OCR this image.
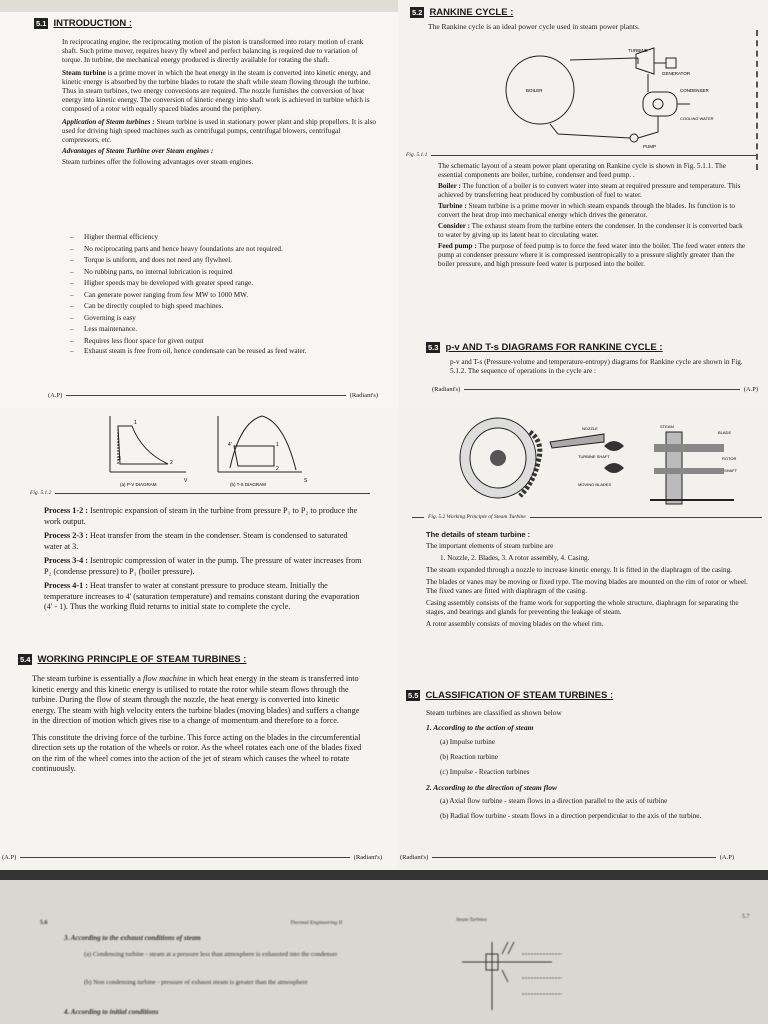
5.1 INTRODUCTION :

In reciprocating engine, the reciprocating motion of the piston is transformed into rotary motion of crank shaft. Such prime mover, requires heavy fly wheel and perfect balancing is required due to variation of torque. In turbine, the mechanical energy produced is directly available for rotating the shaft.

Steam turbine is a prime mover in which the heat energy in the steam is converted into kinetic energy, and kinetic energy is absorbed by the turbine blades to rotate the shaft while steam flowing through the turbine. Thus in steam turbines, two energy conversions are required. The nozzle furnishes the conversion of heat energy into kinetic energy. The conversion of kinetic energy into shaft work is achieved in turbine which is composed of a rotor with equally spaced blades around the periphery.

Application of Steam turbines : Steam turbine is used in stationary power plant and ship propellers. It is also used for driving high speed machines such as centrifugal pumps, centrifugal blowers, centrifugal compressors, etc.

Advantages of Steam Turbine over Steam engines :

Steam turbines offer the following advantages over steam engines.

– Higher thermal efficiency
– No reciprocating parts and hence heavy foundations are not required.
– Torque is uniform, and does not need any flywheel.
– No rubbing parts, no internal lubrication is required
– Higher speeds may be developed with greater speed range.
– Can generate power ranging from few MW to 1000 MW.
– Can be directly coupled to high speed machines.
– Governing is easy
– Less maintenance.
– Requires less floor space for given output
– Exhaust steam is free from oil, hence condensate can be reused as feed water.
(A.P)	(Radiant's)
5.2 RANKINE CYCLE :

The Rankine cycle is an ideal power cycle used in steam power plants.

TURBINE
GENERATOR
BOILER	CONDENSER
COOLING WATER
PUMP
Fig. 5.1.1

The schematic layout of a steam power plant operating on Rankine cycle is shown in Fig. 5.1.1. The essential components are boiler, turbine, condenser and feed pump. .

Boiler : The function of a boiler is to convert water into steam at required pressure and temperature. This achieved by transferring heat produced by combustion of fuel to water.

Turbine : Steam turbine is a prime mover in which steam expands through the blades. Its function is to convert the heat drop into mechanical energy which drives the generator.

Consider : The exhaust steam from the turbine enters the condenser. In the condenser it is converted back to water by giving up its latent heat to circulating water.

Feed pump : The purpose of feed pump is to force the feed water into the boiler. The feed water enters the pump at condenser pressure where it is compressed isentropically to a pressure slightly greater than the boiler pressure, and high pressure feed water is purposed into the boiler.

5.3 p-v AND T-s DIAGRAMS FOR RANKINE CYCLE :

p-v and T-s (Pressure-volume and temperature-entropy) diagrams for Rankine cycle are shown in Fig. 5.1.2. The sequence of operations in the cycle are :

(Radiant's)	(A.P)
3
1
2
V
(a) P-V DIAGRAM
4'	1
2
S
(b) T-S DIAGRAM
Fig. 5.1.2

Process 1-2 : Isentropic expansion of steam in the turbine from pressure P₁ to P₂ to produce the work output.

Process 2-3 : Heat transfer from the steam in the condenser. Steam is condensed to saturated water at 3.

Process 3-4 : Isentropic compression of water in the pump. The pressure of water increases from P₂ (condense pressure) to P₁ (boiler pressure).

Process 4-1 : Heat transfer to water at constant pressure to produce steam. Initially the temperature increases to 4' (saturation temperature) and remains constant during the evaporation (4' - 1). Thus the working fluid returns to initial state to complete the cycle.

5.4 WORKING PRINCIPLE OF STEAM TURBINES :

The steam turbine is essentially a flow machine in which heat energy in the steam is transferred into kinetic energy and this kinetic energy is utilised to rotate the rotor while steam flows through the turbine. During the flow of steam through the nozzle, the heat energy is converted into kinetic energy. The steam with high velocity enters the turbine blades (moving blades) and suffers a change in the direction of motion which gives rise to a change of momentum and therefore to a force.

This constitute the driving force of the turbine. This force acting on the blades in the circumferential direction sets up the rotation of the wheels or rotor. As the wheel rotates each one of the blades fixed on the rim of the wheel comes into the action of the jet of steam which causes the wheel to rotate continuously.

(A.P)	(Radiant's)
NOZZLE
TURBINE SHAFT
MOVING BLADES
STEAM
BLADE
ROTOR
SHAFT
Fig. 5.2 Working Principle of Steam Turbine

The details of steam turbine :

The important elements of steam turbine are

1. Nozzle, 2. Blades, 3. A rotor assembly, 4. Casing.

The steam expanded through a nozzle to increase kinetic energy. It is fitted in the diaphragm of the casing.

The blades or vanes may be moving or fixed type. The moving blades are mounted on the rim of rotor or wheel. The fixed vanes are fitted with diaphragm of the casing.

Casing assembly consists of the frame work for supporting the whole structure, diaphragm for separating the stages, and bearings and glands for preventing the leakage of steam.

A rotor assembly consists of moving blades on the wheel rim.

5.5 CLASSIFICATION OF STEAM TURBINES :

Steam turbines are classified as shown below

1. According to the action of steam

(a) Impulse turbine

(b) Reaction turbine

(c) Impulse - Reaction turbines

2. According to the direction of steam flow

(a) Axial flow turbine - steam flows in a direction parallel to the axis of turbine

(b) Radial flow turbine - steam flows in a direction perpendicular to the axis of the turbine.

(Radiant's)	(A.P)
5.6	Thermal Engineering II

3. According to the exhaust conditions of steam

(a) Condensing turbine - steam at a pressure less than atmosphere is exhausted into the condenser

(b) Non condensing turbine - pressure of exhaust steam is greater than the atmosphere

4. According to initial conditions

Steam Turbines
5.7
